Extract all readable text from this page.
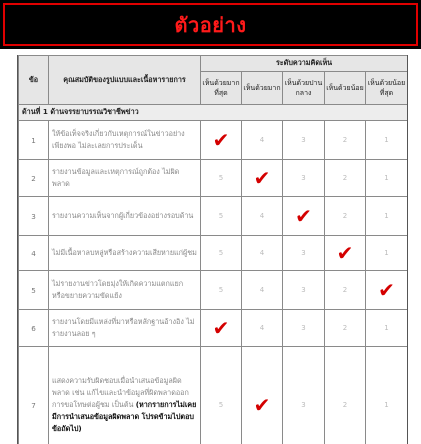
ตัวอย่าง
ข้อ	คุณสมบัติของรูปแบบและเนื้อหารายการ	ระดับความคิดเห็น				
		เห็นด้วยมากที่สุด	เห็นด้วยมาก	เห็นด้วยปานกลาง	เห็นด้วยน้อย	เห็นด้วยน้อยที่สุด
ด้านที่ 1 ด้านจรรยาบรรณวิชาชีพข่าว						
1	ให้ข้อเท็จจริงเกี่ยวกับเหตุการณ์ในข่าวอย่างเพียงพอ ไม่ละเลยการประเด็น	✔	4	3	2	1
2	รายงานข้อมูลและเหตุการณ์ถูกต้อง ไม่ผิดพลาด	5	✔	3	2	1
3	รายงานความเห็นจากผู้เกี่ยวข้องอย่างรอบด้าน	5	4	✔	2	1
4	ไม่มีเนื้อหาลบหลู่หรือสร้างความเสียหายแก่ผู้ชม	5	4	3	✔	1
5	ไม่รายงานข่าวโดยมุ่งให้เกิดความแตกแยก หรือขยายความขัดแย้ง	5	4	3	2	✔
6	รายงานโดยมีแหล่งที่มาหรือหลักฐานอ้างอิง ไม่รายงานลอย ๆ	✔	4	3	2	1
7	แสดงความรับผิดชอบเมื่อนำเสนอข้อมูลผิดพลาด เช่น แก้ไขและนำข้อมูลที่ผิดพลาดออก การขอโทษต่อผู้ชม เป็นต้น (หากรายการไม่เคยมีการนำเสนอข้อมูลผิดพลาด โปรดข้ามไปตอบข้อถัดไป)	5	✔	3	2	1
